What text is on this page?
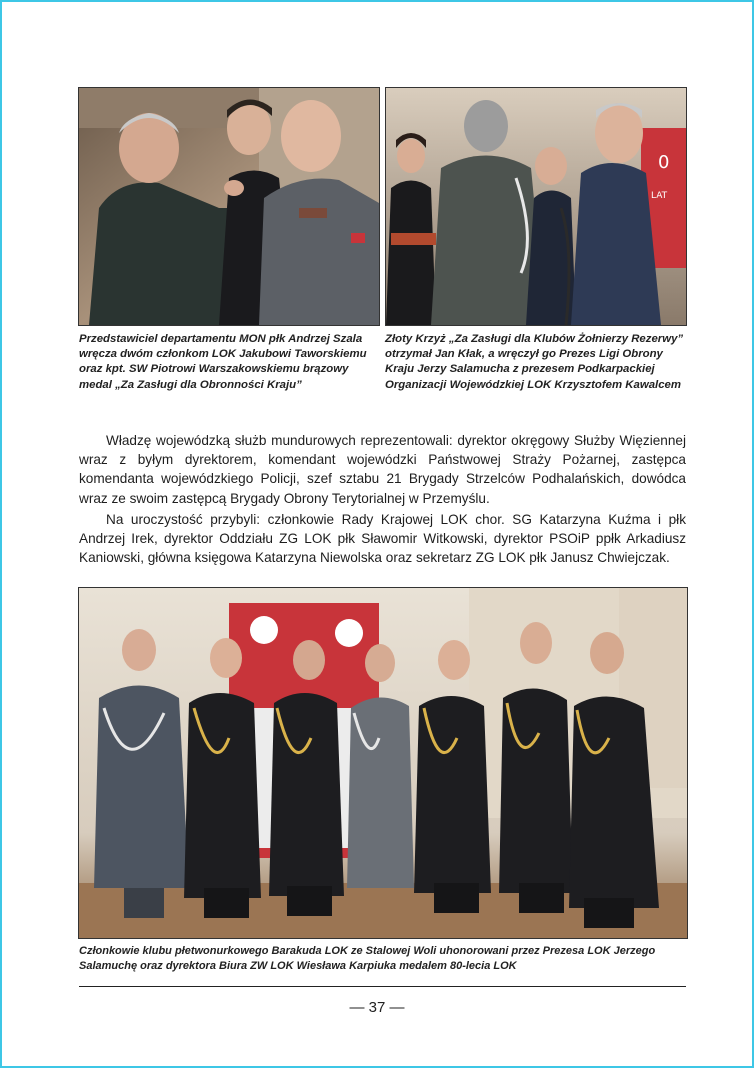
0
LAT

Przedstawiciel departamentu MON płk Andrzej Szala wręcza dwóm członkom LOK Jakubowi Taworskiemu oraz kpt. SW Piotrowi Warszakowskiemu brązowy medal „Za Zasługi dla Obronności Kraju”

Złoty Krzyż „Za Zasługi dla Klubów Żołnierzy Rezerwy” otrzymał Jan Kłak, a wręczył go Prezes Ligi Obrony Kraju Jerzy Salamucha z prezesem Podkarpackiej Organizacji Wojewódzkiej LOK Krzysztofem Kawalcem

Władzę wojewódzką służb mundurowych reprezentowali: dyrektor okręgowy Służby Więziennej wraz z byłym dyrektorem, komendant wojewódzki Państwowej Straży Pożarnej, zastępca komendanta wojewódzkiego Policji, szef sztabu 21 Brygady Strzelców Podhalańskich, dowódca wraz ze swoim zastępcą Brygady Obrony Terytorialnej w Przemyślu.

Na uroczystość przybyli: członkowie Rady Krajowej LOK chor. SG Katarzyna Kuźma i płk Andrzej Irek, dyrektor Oddziału ZG LOK płk Sławomir Witkowski, dyrektor PSOiP ppłk Arkadiusz Kaniowski, główna księgowa Katarzyna Niewolska oraz sekretarz ZG LOK płk Janusz Chwiejczak.

Członkowie klubu płetwonurkowego Barakuda LOK ze Stalowej Woli uhonorowani przez Prezesa LOK Jerzego Salamuchę oraz dyrektora Biura ZW LOK Wiesława Karpiuka medalem 80-lecia LOK

— 37 —
